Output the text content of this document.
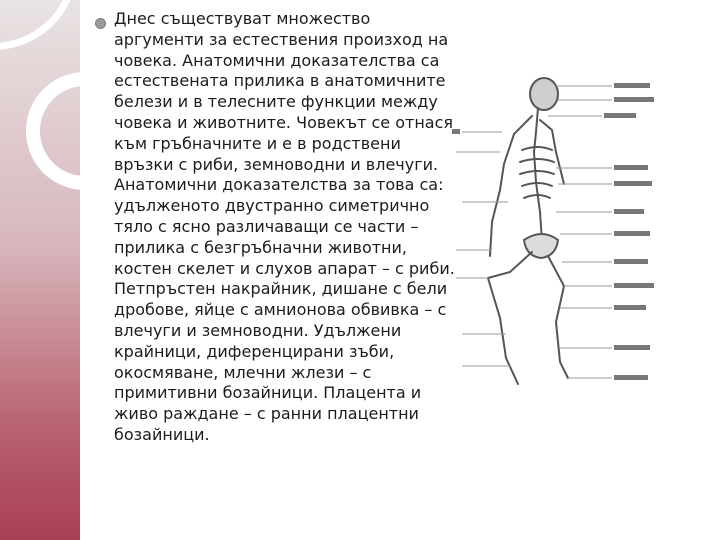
Днес съществуват множество аргументи за естествения произход на човека. Анатомични доказателства са естествената прилика в анатомичните белези и в телесните функции между човека и животните. Човекът се отнася към гръбначните и е в родствени връзки с риби, земноводни и влечуги. Анатомични доказателства за това са: удълженото двустранно симетрично тяло с ясно различаващи се части – прилика с безгръбначни животни, костен скелет и слухов апарат – с риби. Петпръстен накрайник, дишане с бели дробове, яйце с амнионова обвивка – с влечуги и земноводни. Удължени крайници, диференцирани зъби, окосмяване, млечни жлези – с примитивни бозайници. Плацента и живо раждане – с ранни плацентни бозайници.
